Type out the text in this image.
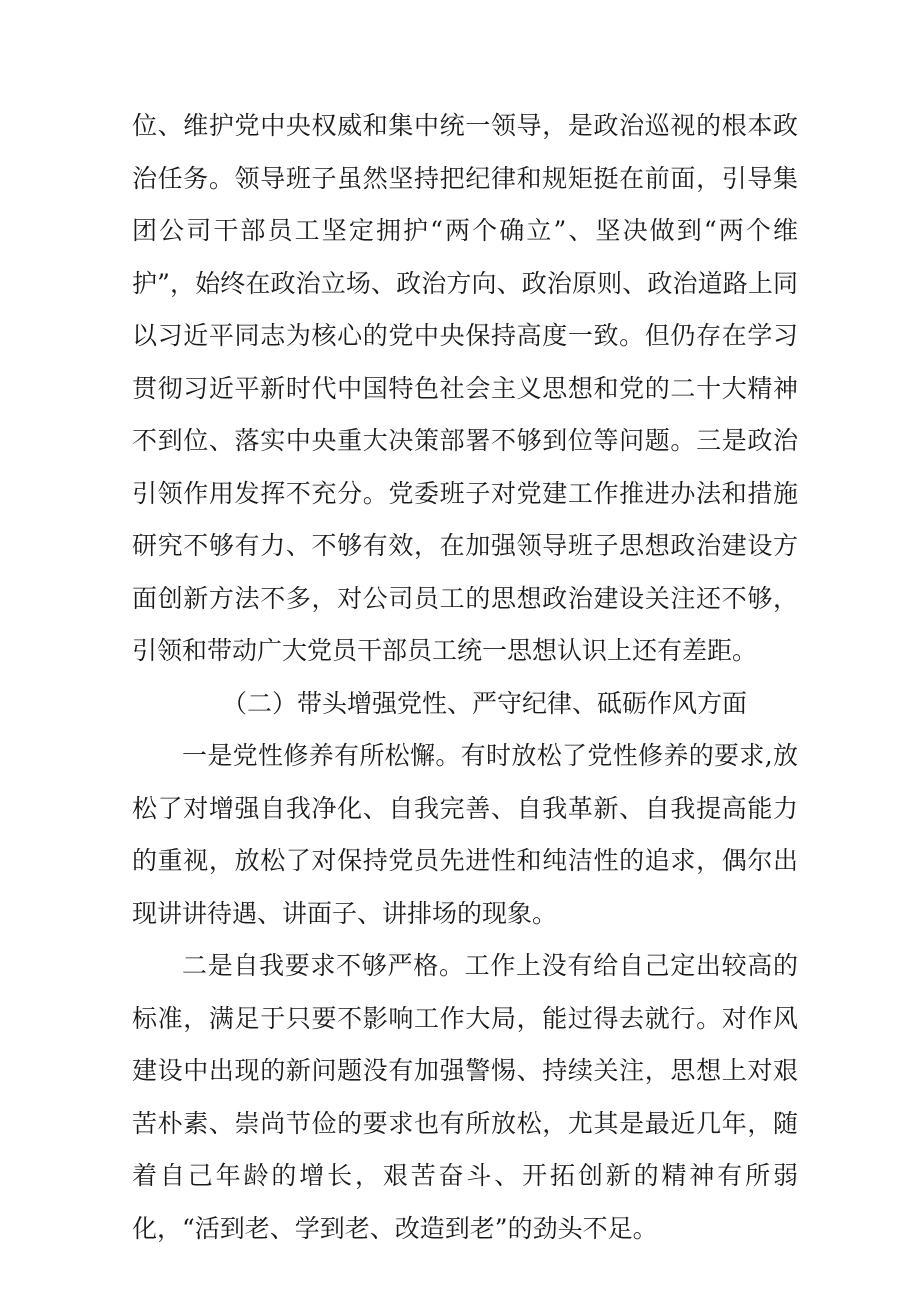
位、维护党中央权威和集中统一领导，是政治巡视的根本政治任务。领导班子虽然坚持把纪律和规矩挺在前面，引导集团公司干部员工坚定拥护“两个确立”、坚决做到“两个维护”，始终在政治立场、政治方向、政治原则、政治道路上同以习近平同志为核心的党中央保持高度一致。但仍存在学习贯彻习近平新时代中国特色社会主义思想和党的二十大精神不到位、落实中央重大决策部署不够到位等问题。三是政治引领作用发挥不充分。党委班子对党建工作推进办法和措施研究不够有力、不够有效，在加强领导班子思想政治建设方面创新方法不多，对公司员工的思想政治建设关注还不够，引领和带动广大党员干部员工统一思想认识上还有差距。

（二）带头增强党性、严守纪律、砥砺作风方面

一是党性修养有所松懈。有时放松了党性修养的要求,放松了对增强自我净化、自我完善、自我革新、自我提高能力的重视，放松了对保持党员先进性和纯洁性的追求，偶尔出现讲讲待遇、讲面子、讲排场的现象。

二是自我要求不够严格。工作上没有给自己定出较高的标准，满足于只要不影响工作大局，能过得去就行。对作风建设中出现的新问题没有加强警惕、持续关注，思想上对艰苦朴素、崇尚节俭的要求也有所放松，尤其是最近几年，随着自己年龄的增长，艰苦奋斗、开拓创新的精神有所弱化，“活到老、学到老、改造到老”的劲头不足。
